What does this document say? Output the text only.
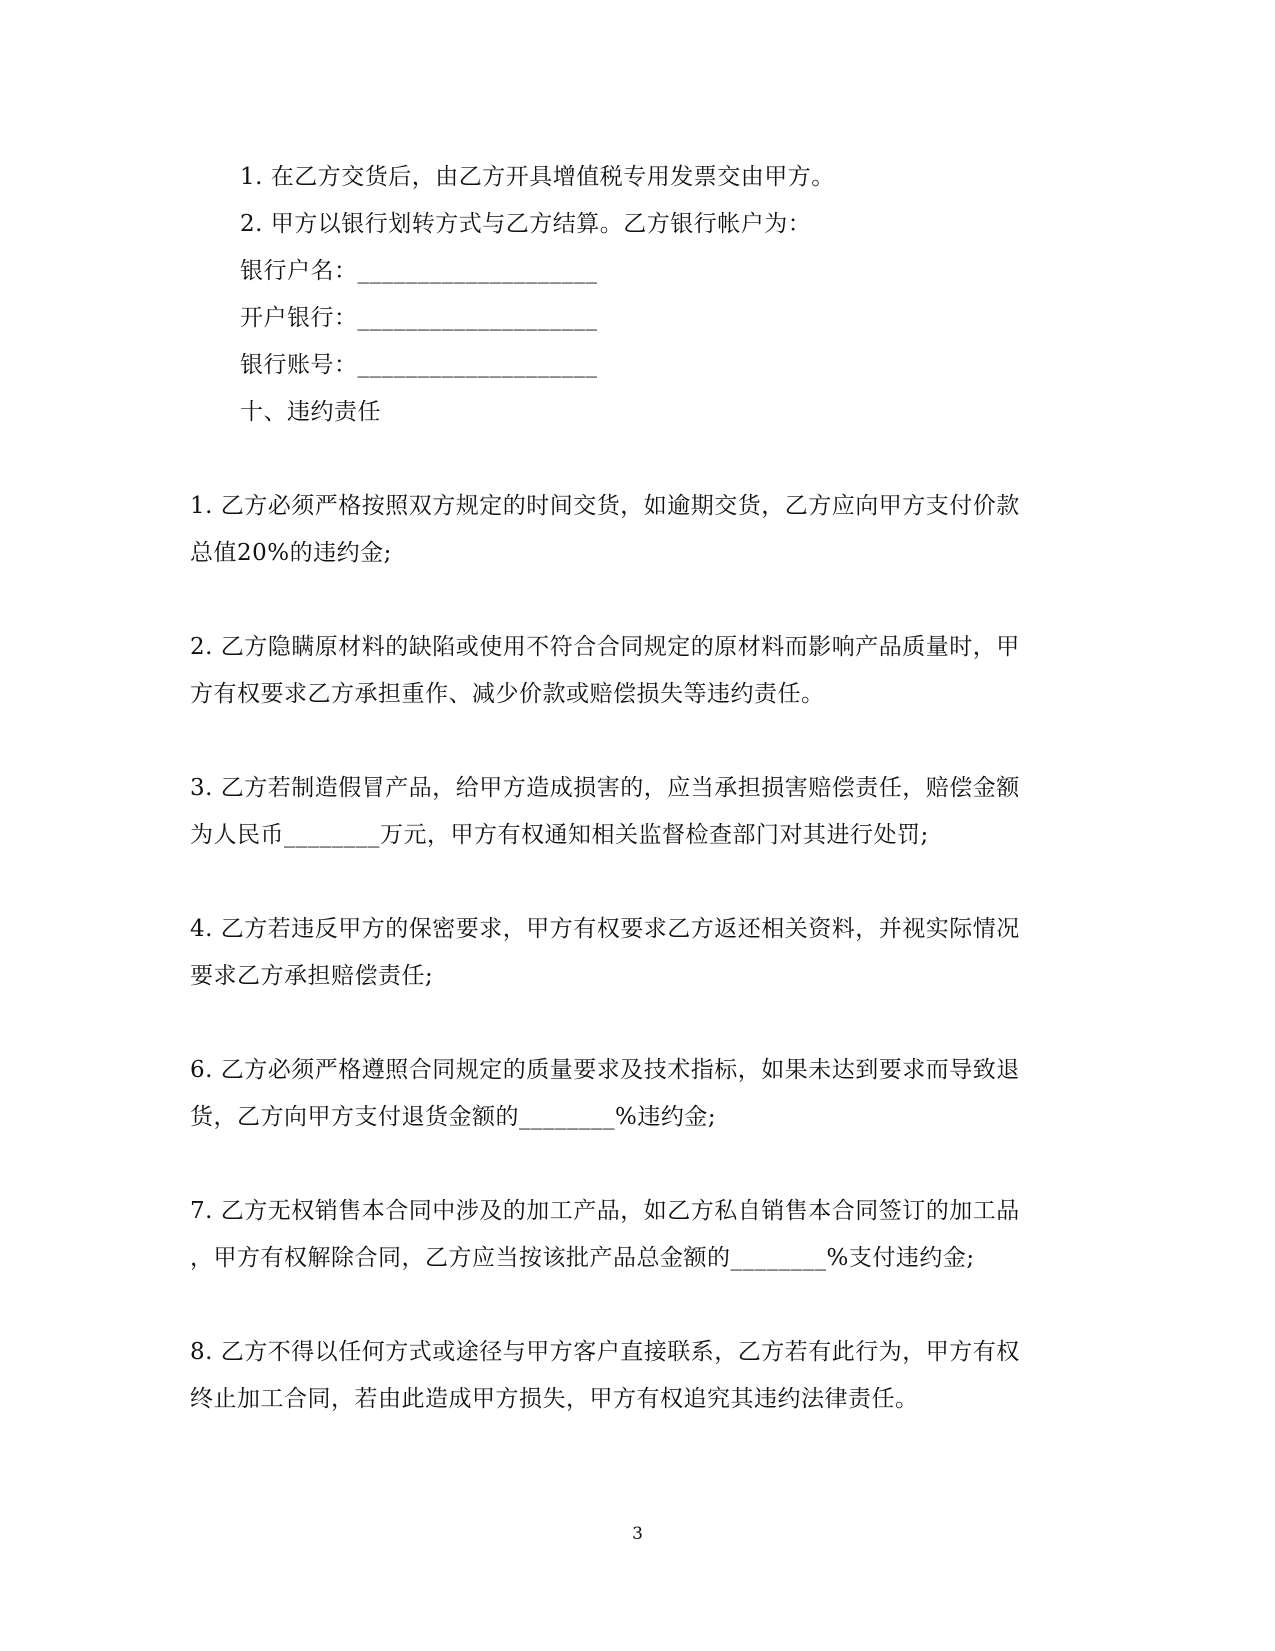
1. 在乙方交货后，由乙方开具增值税专用发票交由甲方。
2. 甲方以银行划转方式与乙方结算。乙方银行帐户为：
银行户名：____________________
开户银行：____________________
银行账号：____________________
十、违约责任
1. 乙方必须严格按照双方规定的时间交货，如逾期交货，乙方应向甲方支付价款
总值20%的违约金;
2. 乙方隐瞒原材料的缺陷或使用不符合合同规定的原材料而影响产品质量时，甲
方有权要求乙方承担重作、减少价款或赔偿损失等违约责任。
3. 乙方若制造假冒产品，给甲方造成损害的，应当承担损害赔偿责任，赔偿金额
为人民币________万元，甲方有权通知相关监督检查部门对其进行处罚;
4. 乙方若违反甲方的保密要求，甲方有权要求乙方返还相关资料，并视实际情况
要求乙方承担赔偿责任;
6. 乙方必须严格遵照合同规定的质量要求及技术指标，如果未达到要求而导致退
货，乙方向甲方支付退货金额的________%违约金;
7. 乙方无权销售本合同中涉及的加工产品，如乙方私自销售本合同签订的加工品
，甲方有权解除合同，乙方应当按该批产品总金额的________%支付违约金;
8. 乙方不得以任何方式或途径与甲方客户直接联系，乙方若有此行为，甲方有权
终止加工合同，若由此造成甲方损失，甲方有权追究其违约法律责任。
3
